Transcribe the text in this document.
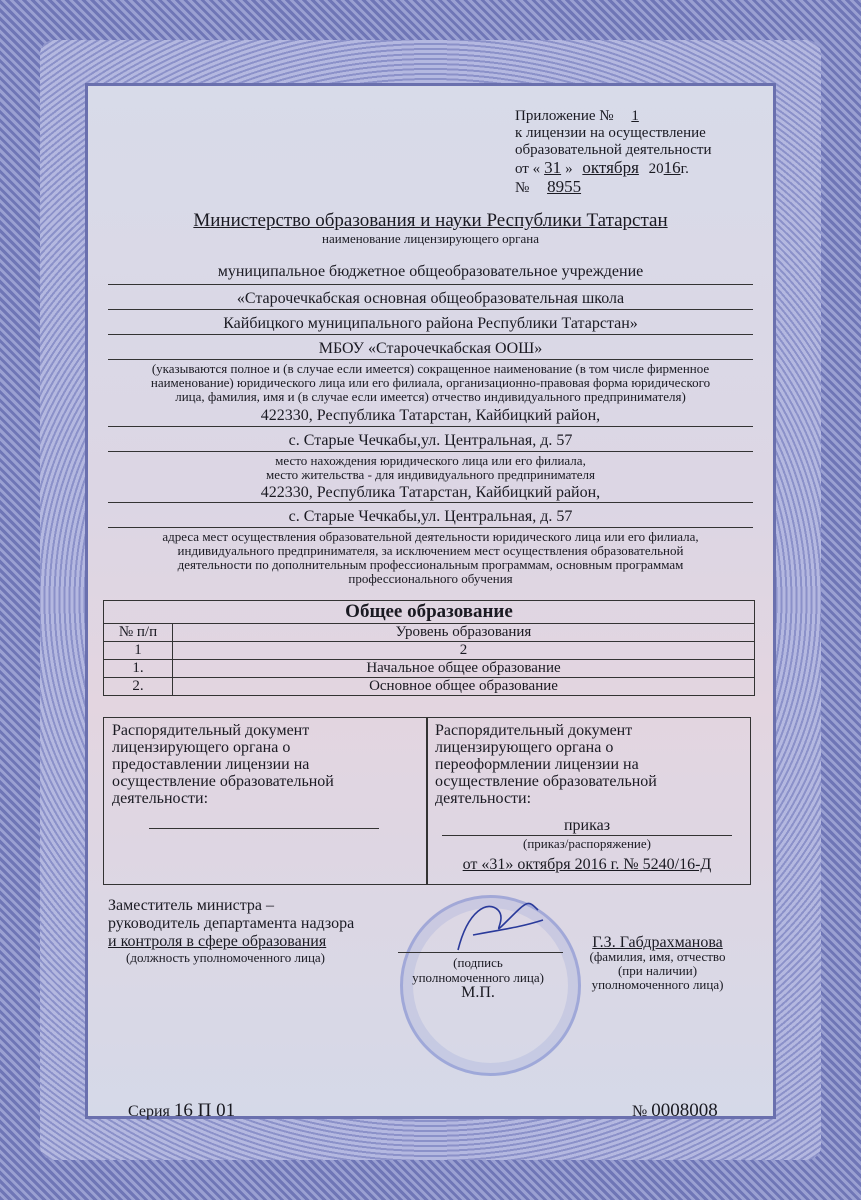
Приложение № 1
к лицензии на осуществление
образовательной деятельности
от « 31 » октября 2016г.
№ 8955
Министерство образования и науки Республики Татарстан
наименование лицензирующего органа
муниципальное бюджетное общеобразовательное учреждение
«Старочечкабская основная общеобразовательная школа
Кайбицкого муниципального района Республики Татарстан»
МБОУ «Старочечкабская ООШ»
(указываются полное и (в случае если имеется) сокращенное наименование (в том числе фирменное
наименование) юридического лица или его филиала, организационно-правовая форма юридического
лица, фамилия, имя и (в случае если имеется) отчество индивидуального предпринимателя)
422330, Республика Татарстан, Кайбицкий район,
с. Старые Чечкабы,ул. Центральная, д. 57
место нахождения юридического лица или его филиала,
место жительства - для индивидуального предпринимателя
422330, Республика Татарстан, Кайбицкий район,
с. Старые Чечкабы,ул. Центральная, д. 57
адреса мест осуществления образовательной деятельности юридического лица или его филиала,
индивидуального предпринимателя, за исключением мест осуществления образовательной
деятельности по дополнительным профессиональным программам, основным программам
профессионального обучения
Общее образование	
№ п/п	Уровень образования
1	2
1.	Начальное общее образование
2.	Основное общее образование
Распорядительный документ
лицензирующего органа о
предоставлении лицензии на
осуществление образовательной
деятельности:
Распорядительный документ
лицензирующего органа о
переоформлении лицензии на
осуществление образовательной
деятельности:
приказ
(приказ/распоряжение)
от «31» октября 2016 г. № 5240/16-Д
Заместитель министра –
руководитель департамента надзора
и контроля в сфере образования
(должность уполномоченного лица)	(подпись
уполномоченного лица)
М.П.
Г.З. Габдрахманова
(фамилия, имя, отчество
(при наличии)
уполномоченного лица)
Серия 16 П 01	№ 0008008
